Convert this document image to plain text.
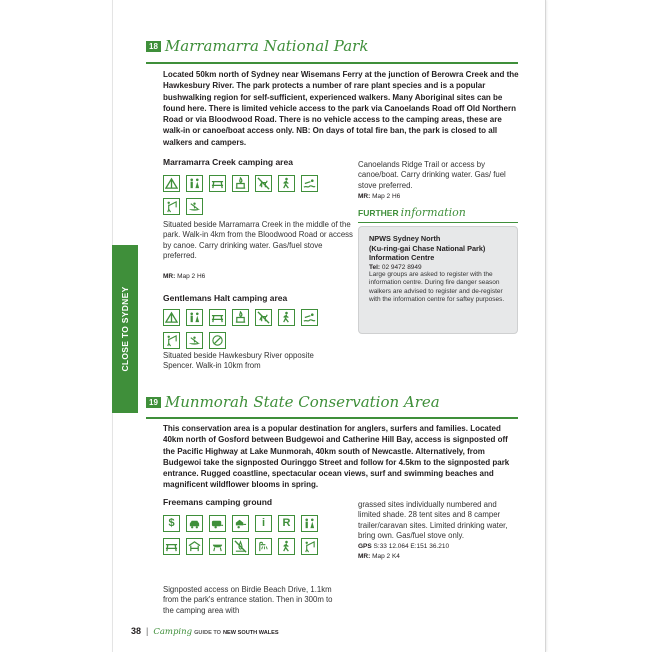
CLOSE TO SYDNEY
18 Marramarra National Park

Located 50km north of Sydney near Wisemans Ferry at the junction of Berowra Creek and the Hawkesbury River. The park protects a number of rare plant species and is a popular bushwalking region for self-sufficient, experienced walkers. Many Aboriginal sites can be found here. There is limited vehicle access to the park via Canoelands Road off Old Northern Road or via Bloodwood Road. There is no vehicle access to the camping areas, these are walk-in or canoe/boat access only. NB: On days of total fire ban, the park is closed to all walkers and campers.

Marramarra Creek camping area

Situated beside Marramarra Creek in the middle of the park. Walk-in 4km from the Bloodwood Road or access by canoe. Carry drinking water. Gas/fuel stove preferred.

MR: Map 2 H6

Gentlemans Halt camping area

Situated beside Hawkesbury River opposite Spencer. Walk-in 10km from

Canoelands Ridge Trail or access by canoe/boat. Carry drinking water. Gas/ fuel stove preferred.

MR: Map 2 H6

FURTHER information

NPWS Sydney North

(Ku-ring-gai Chase National Park)

Information Centre

Tel: 02 9472 8949

Large groups are asked to register with the information centre. During fire danger season walkers are advised to register and de-register with the information centre for saftey purposes.

19 Munmorah State Conservation Area

This conservation area is a popular destination for anglers, surfers and families. Located 40km north of Gosford between Budgewoi and Catherine Hill Bay, access is signposted off the Pacific Highway at Lake Munmorah, 40km south of Newcastle. Alternatively, from Budgewoi take the signposted Ouringgo Street and follow for 4.5km to the signposted park entrance. Rugged coastline, spectacular ocean views, surf and swimming beaches and magnificent wildflower blooms in spring.

Freemans camping ground

$	i	R

Signposted access on Birdie Beach Drive, 1.1km from the park's entrance station. Then in 300m to the camping area with

grassed sites individually numbered and limited shade. 28 tent sites and 8 camper trailer/caravan sites. Limited drinking water, bring own. Gas/fuel stove only.

GPS S:33 12.064 E:151 36.210

MR: Map 2 K4

38 | Camping GUIDE TO NEW SOUTH WALES
